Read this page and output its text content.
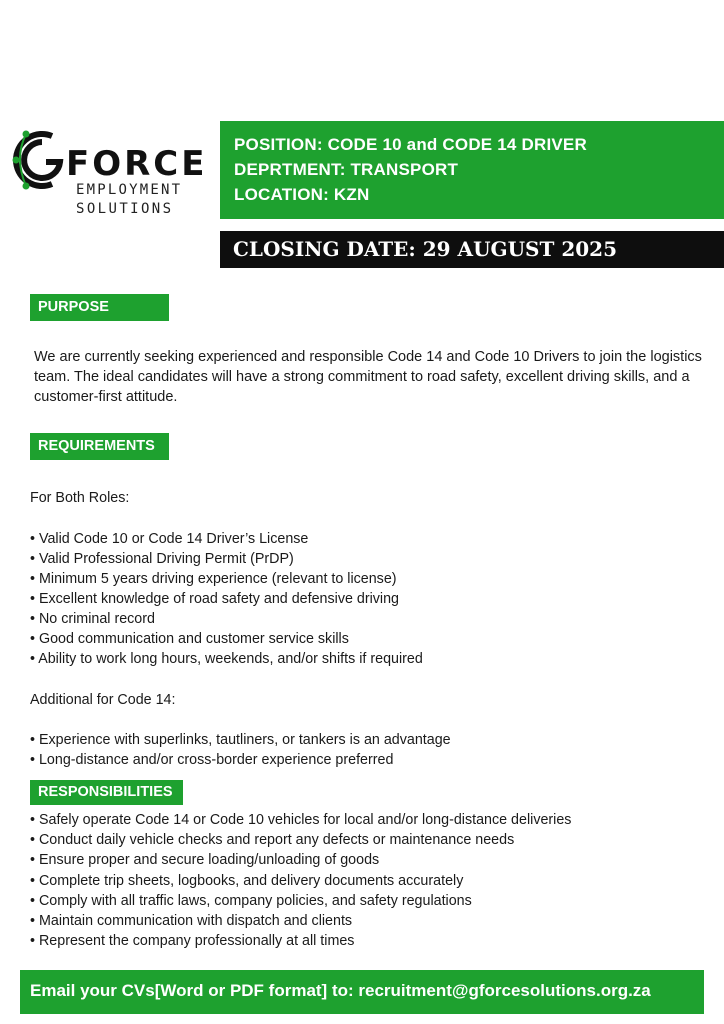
FORCE
EMPLOYMENT
SOLUTIONS
POSITION: CODE 10 and CODE 14 DRIVER
DEPRTMENT: TRANSPORT
LOCATION: KZN
CLOSING DATE: 29 AUGUST 2025
PURPOSE
We are currently seeking experienced and responsible Code 14 and Code 10 Drivers to join the logistics team. The ideal candidates will have a strong commitment to road safety, excellent driving skills, and a customer-first attitude.
REQUIREMENTS
For Both Roles:
• Valid Code 10 or Code 14 Driver’s License
• Valid Professional Driving Permit (PrDP)
• Minimum 5 years driving experience (relevant to license)
• Excellent knowledge of road safety and defensive driving
• No criminal record
• Good communication and customer service skills
• Ability to work long hours, weekends, and/or shifts if required
Additional for Code 14:
• Experience with superlinks, tautliners, or tankers is an advantage
• Long-distance and/or cross-border experience preferred
RESPONSIBILITIES
• Safely operate Code 14 or Code 10 vehicles for local and/or long-distance deliveries
• Conduct daily vehicle checks and report any defects or maintenance needs
• Ensure proper and secure loading/unloading of goods
• Complete trip sheets, logbooks, and delivery documents accurately
• Comply with all traffic laws, company policies, and safety regulations
• Maintain communication with dispatch and clients
• Represent the company professionally at all times
Email your CVs[Word or PDF format] to: recruitment@gforcesolutions.org.za
